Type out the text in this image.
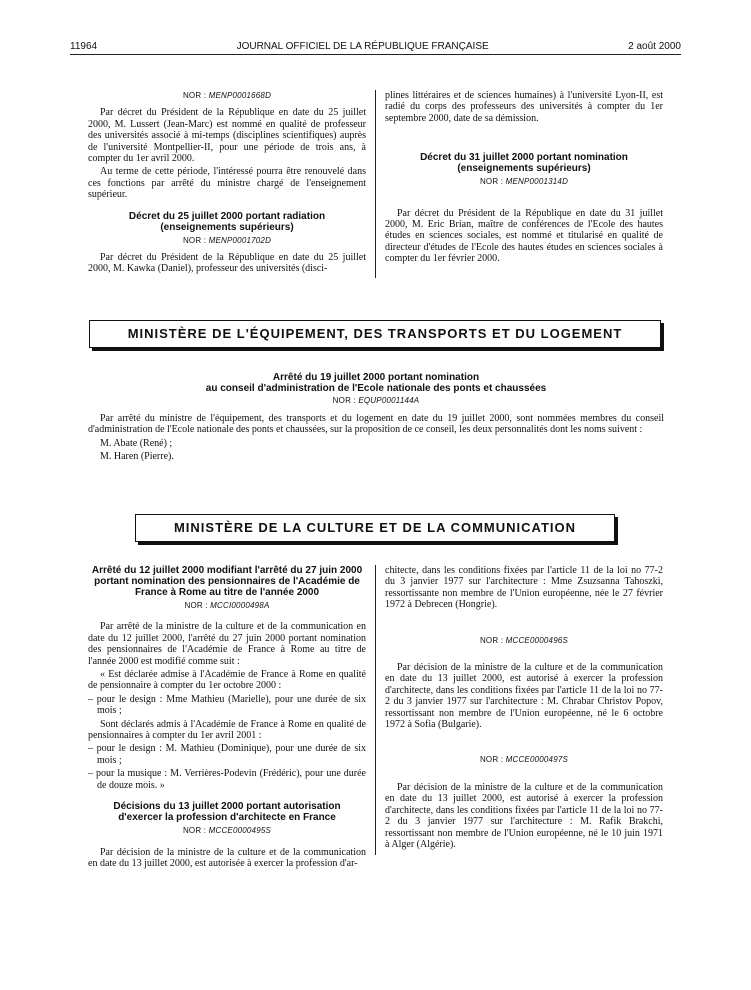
11964	JOURNAL OFFICIEL DE LA RÉPUBLIQUE FRANÇAISE	2 août 2000
NOR : MENP0001668D

Par décret du Président de la République en date du 25 juillet 2000, M. Lussert (Jean-Marc) est nommé en qualité de professeur des universités associé à mi-temps (disciplines scientifiques) auprès de l'université Montpellier-II, pour une période de trois ans, à compter du 1er avril 2000.

Au terme de cette période, l'intéressé pourra être renouvelé dans ces fonctions par arrêté du ministre chargé de l'enseignement supérieur.

Décret du 25 juillet 2000 portant radiation
(enseignements supérieurs)
NOR : MENP0001702D

Par décret du Président de la République en date du 25 juillet 2000, M. Kawka (Daniel), professeur des universités (disci-

plines littéraires et de sciences humaines) à l'université Lyon-II, est radié du corps des professeurs des universités à compter du 1er septembre 2000, date de sa démission.

Décret du 31 juillet 2000 portant nomination
(enseignements supérieurs)
NOR : MENP0001314D

Par décret du Président de la République en date du 31 juillet 2000, M. Eric Brian, maître de conférences de l'Ecole des hautes études en sciences sociales, est nommé et titularisé en qualité de directeur d'études de l'Ecole des hautes études en sciences sociales à compter du 1er février 2000.

MINISTÈRE DE L'ÉQUIPEMENT, DES TRANSPORTS ET DU LOGEMENT
Arrêté du 19 juillet 2000 portant nomination
au conseil d'administration de l'Ecole nationale des ponts et chaussées
NOR : EQUP0001144A

Par arrêté du ministre de l'équipement, des transports et du logement en date du 19 juillet 2000, sont nommées membres du conseil d'administration de l'Ecole nationale des ponts et chaussées, sur la proposition de ce conseil, les deux personnalités dont les noms suivent :

M. Abate (René) ;

M. Haren (Pierre).

MINISTÈRE DE LA CULTURE ET DE LA COMMUNICATION
Arrêté du 12 juillet 2000 modifiant l'arrêté du 27 juin 2000
portant nomination des pensionnaires de l'Académie de
France à Rome au titre de l'année 2000
NOR : MCCI0000498A

Par arrêté de la ministre de la culture et de la communication en date du 12 juillet 2000, l'arrêté du 27 juin 2000 portant nomination des pensionnaires de l'Académie de France à Rome au titre de l'année 2000 est modifié comme suit :

« Est déclarée admise à l'Académie de France à Rome en qualité de pensionnaire à compter du 1er octobre 2000 :

– pour le design : Mme Mathieu (Marielle), pour une durée de six mois ;

Sont déclarés admis à l'Académie de France à Rome en qualité de pensionnaires à compter du 1er avril 2001 :

– pour le design : M. Mathieu (Dominique), pour une durée de six mois ;

– pour la musique : M. Verrières-Podevin (Frédéric), pour une durée de douze mois. »

Décisions du 13 juillet 2000 portant autorisation
d'exercer la profession d'architecte en France
NOR : MCCE0000495S

Par décision de la ministre de la culture et de la communication en date du 13 juillet 2000, est autorisée à exercer la profession d'ar-

chitecte, dans les conditions fixées par l'article 11 de la loi no 77-2 du 3 janvier 1977 sur l'architecture : Mme Zsuzsanna Tahoszki, ressortissante non membre de l'Union européenne, née le 27 février 1972 à Debrecen (Hongrie).

NOR : MCCE0000496S

Par décision de la ministre de la culture et de la communication en date du 13 juillet 2000, est autorisé à exercer la profession d'architecte, dans les conditions fixées par l'article 11 de la loi no 77-2 du 3 janvier 1977 sur l'architecture : M. Chrabar Christov Popov, ressortissant non membre de l'Union européenne, né le 6 octobre 1972 à Sofia (Bulgarie).

NOR : MCCE0000497S

Par décision de la ministre de la culture et de la communication en date du 13 juillet 2000, est autorisé à exercer la profession d'architecte, dans les conditions fixées par l'article 11 de la loi no 77-2 du 3 janvier 1977 sur l'architecture : M. Rafik Brakchi, ressortissant non membre de l'Union européenne, né le 10 juin 1971 à Alger (Algérie).
